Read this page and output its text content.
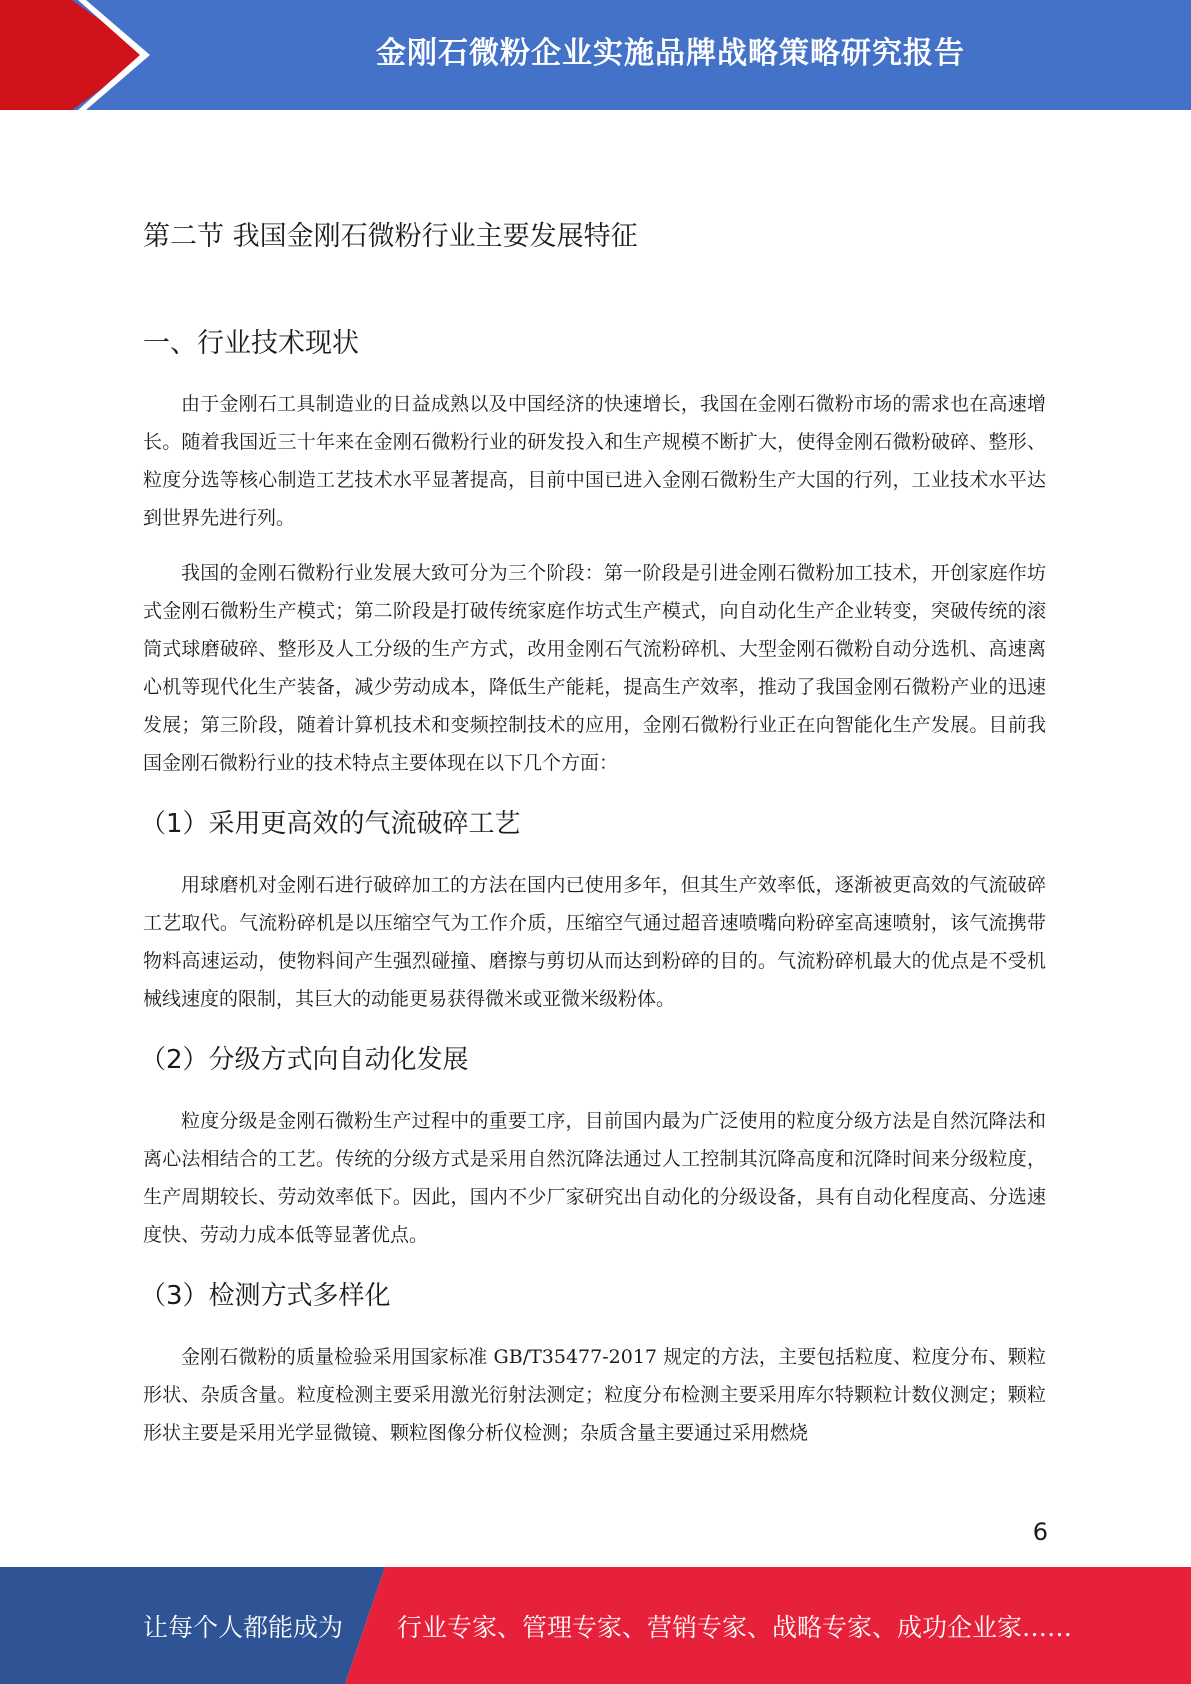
金刚石微粉企业实施品牌战略策略研究报告
第二节 我国金刚石微粉行业主要发展特征
一、行业技术现状

由于金刚石工具制造业的日益成熟以及中国经济的快速增长，我国在金刚石微粉市场的需求也在高速增长。随着我国近三十年来在金刚石微粉行业的研发投入和生产规模不断扩大，使得金刚石微粉破碎、整形、粒度分选等核心制造工艺技术水平显著提高，目前中国已进入金刚石微粉生产大国的行列，工业技术水平达到世界先进行列。

我国的金刚石微粉行业发展大致可分为三个阶段：第一阶段是引进金刚石微粉加工技术，开创家庭作坊式金刚石微粉生产模式；第二阶段是打破传统家庭作坊式生产模式，向自动化生产企业转变，突破传统的滚筒式球磨破碎、整形及人工分级的生产方式，改用金刚石气流粉碎机、大型金刚石微粉自动分选机、高速离心机等现代化生产装备，减少劳动成本，降低生产能耗，提高生产效率，推动了我国金刚石微粉产业的迅速发展；第三阶段，随着计算机技术和变频控制技术的应用，金刚石微粉行业正在向智能化生产发展。目前我国金刚石微粉行业的技术特点主要体现在以下几个方面：

（1）采用更高效的气流破碎工艺

用球磨机对金刚石进行破碎加工的方法在国内已使用多年，但其生产效率低，逐渐被更高效的气流破碎工艺取代。气流粉碎机是以压缩空气为工作介质，压缩空气通过超音速喷嘴向粉碎室高速喷射，该气流携带物料高速运动，使物料间产生强烈碰撞、磨擦与剪切从而达到粉碎的目的。气流粉碎机最大的优点是不受机械线速度的限制，其巨大的动能更易获得微米或亚微米级粉体。

（2）分级方式向自动化发展

粒度分级是金刚石微粉生产过程中的重要工序，目前国内最为广泛使用的粒度分级方法是自然沉降法和离心法相结合的工艺。传统的分级方式是采用自然沉降法通过人工控制其沉降高度和沉降时间来分级粒度，生产周期较长、劳动效率低下。因此，国内不少厂家研究出自动化的分级设备，具有自动化程度高、分选速度快、劳动力成本低等显著优点。

（3）检测方式多样化

金刚石微粉的质量检验采用国家标准 GB/T35477-2017 规定的方法，主要包括粒度、粒度分布、颗粒形状、杂质含量。粒度检测主要采用激光衍射法测定；粒度分布检测主要采用库尔特颗粒计数仪测定；颗粒形状主要是采用光学显微镜、颗粒图像分析仪检测；杂质含量主要通过采用燃烧

6
让每个人都能成为 行业专家、管理专家、营销专家、战略专家、成功企业家……
